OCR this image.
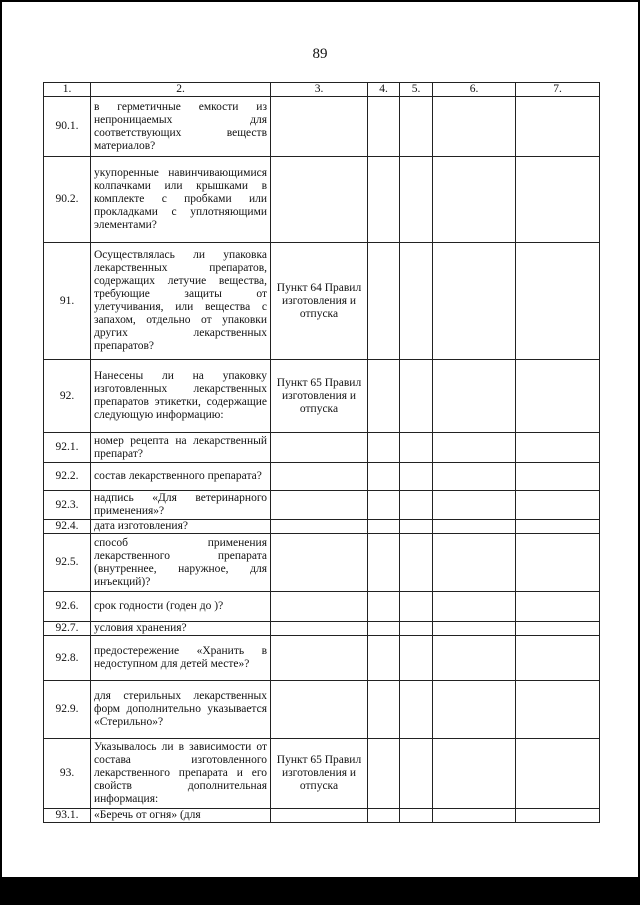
89
1.	2.	3.	4.	5.	6.	7.
90.1.	в герметичные емкости из непроницаемых для соответствующих веществ материалов?					
90.2.	укупоренные навинчивающимися колпачками или крышками в комплекте с пробками или прокладками с уплотняющими элементами?					
91.	Осуществлялась ли упаковка лекарственных препаратов, содержащих летучие вещества, требующие защиты от улетучивания, или вещества с запахом, отдельно от упаковки других лекарственных препаратов?	Пункт 64 Правил изготовления и отпуска				
92.	Нанесены ли на упаковку изготовленных лекарственных препаратов этикетки, содержащие следующую информацию:	Пункт 65 Правил изготовления и отпуска				
92.1.	номер рецепта на лекарственный препарат?					
92.2.	состав лекарственного препарата?					
92.3.	надпись «Для ветеринарного применения»?					
92.4.	дата изготовления?					
92.5.	способ применения лекарственного препарата (внутреннее, наружное, для инъекций)?					
92.6.	срок годности (годен до )?					
92.7.	условия хранения?					
92.8.	предостережение «Хранить в недоступном для детей месте»?					
92.9.	для стерильных лекарственных форм дополнительно указывается «Стерильно»?					
93.	Указывалось ли в зависимости от состава изготовленного лекарственного препарата и его свойств дополнительная информация:	Пункт 65 Правил изготовления и отпуска				
93.1.	«Беречь от огня» (для					
